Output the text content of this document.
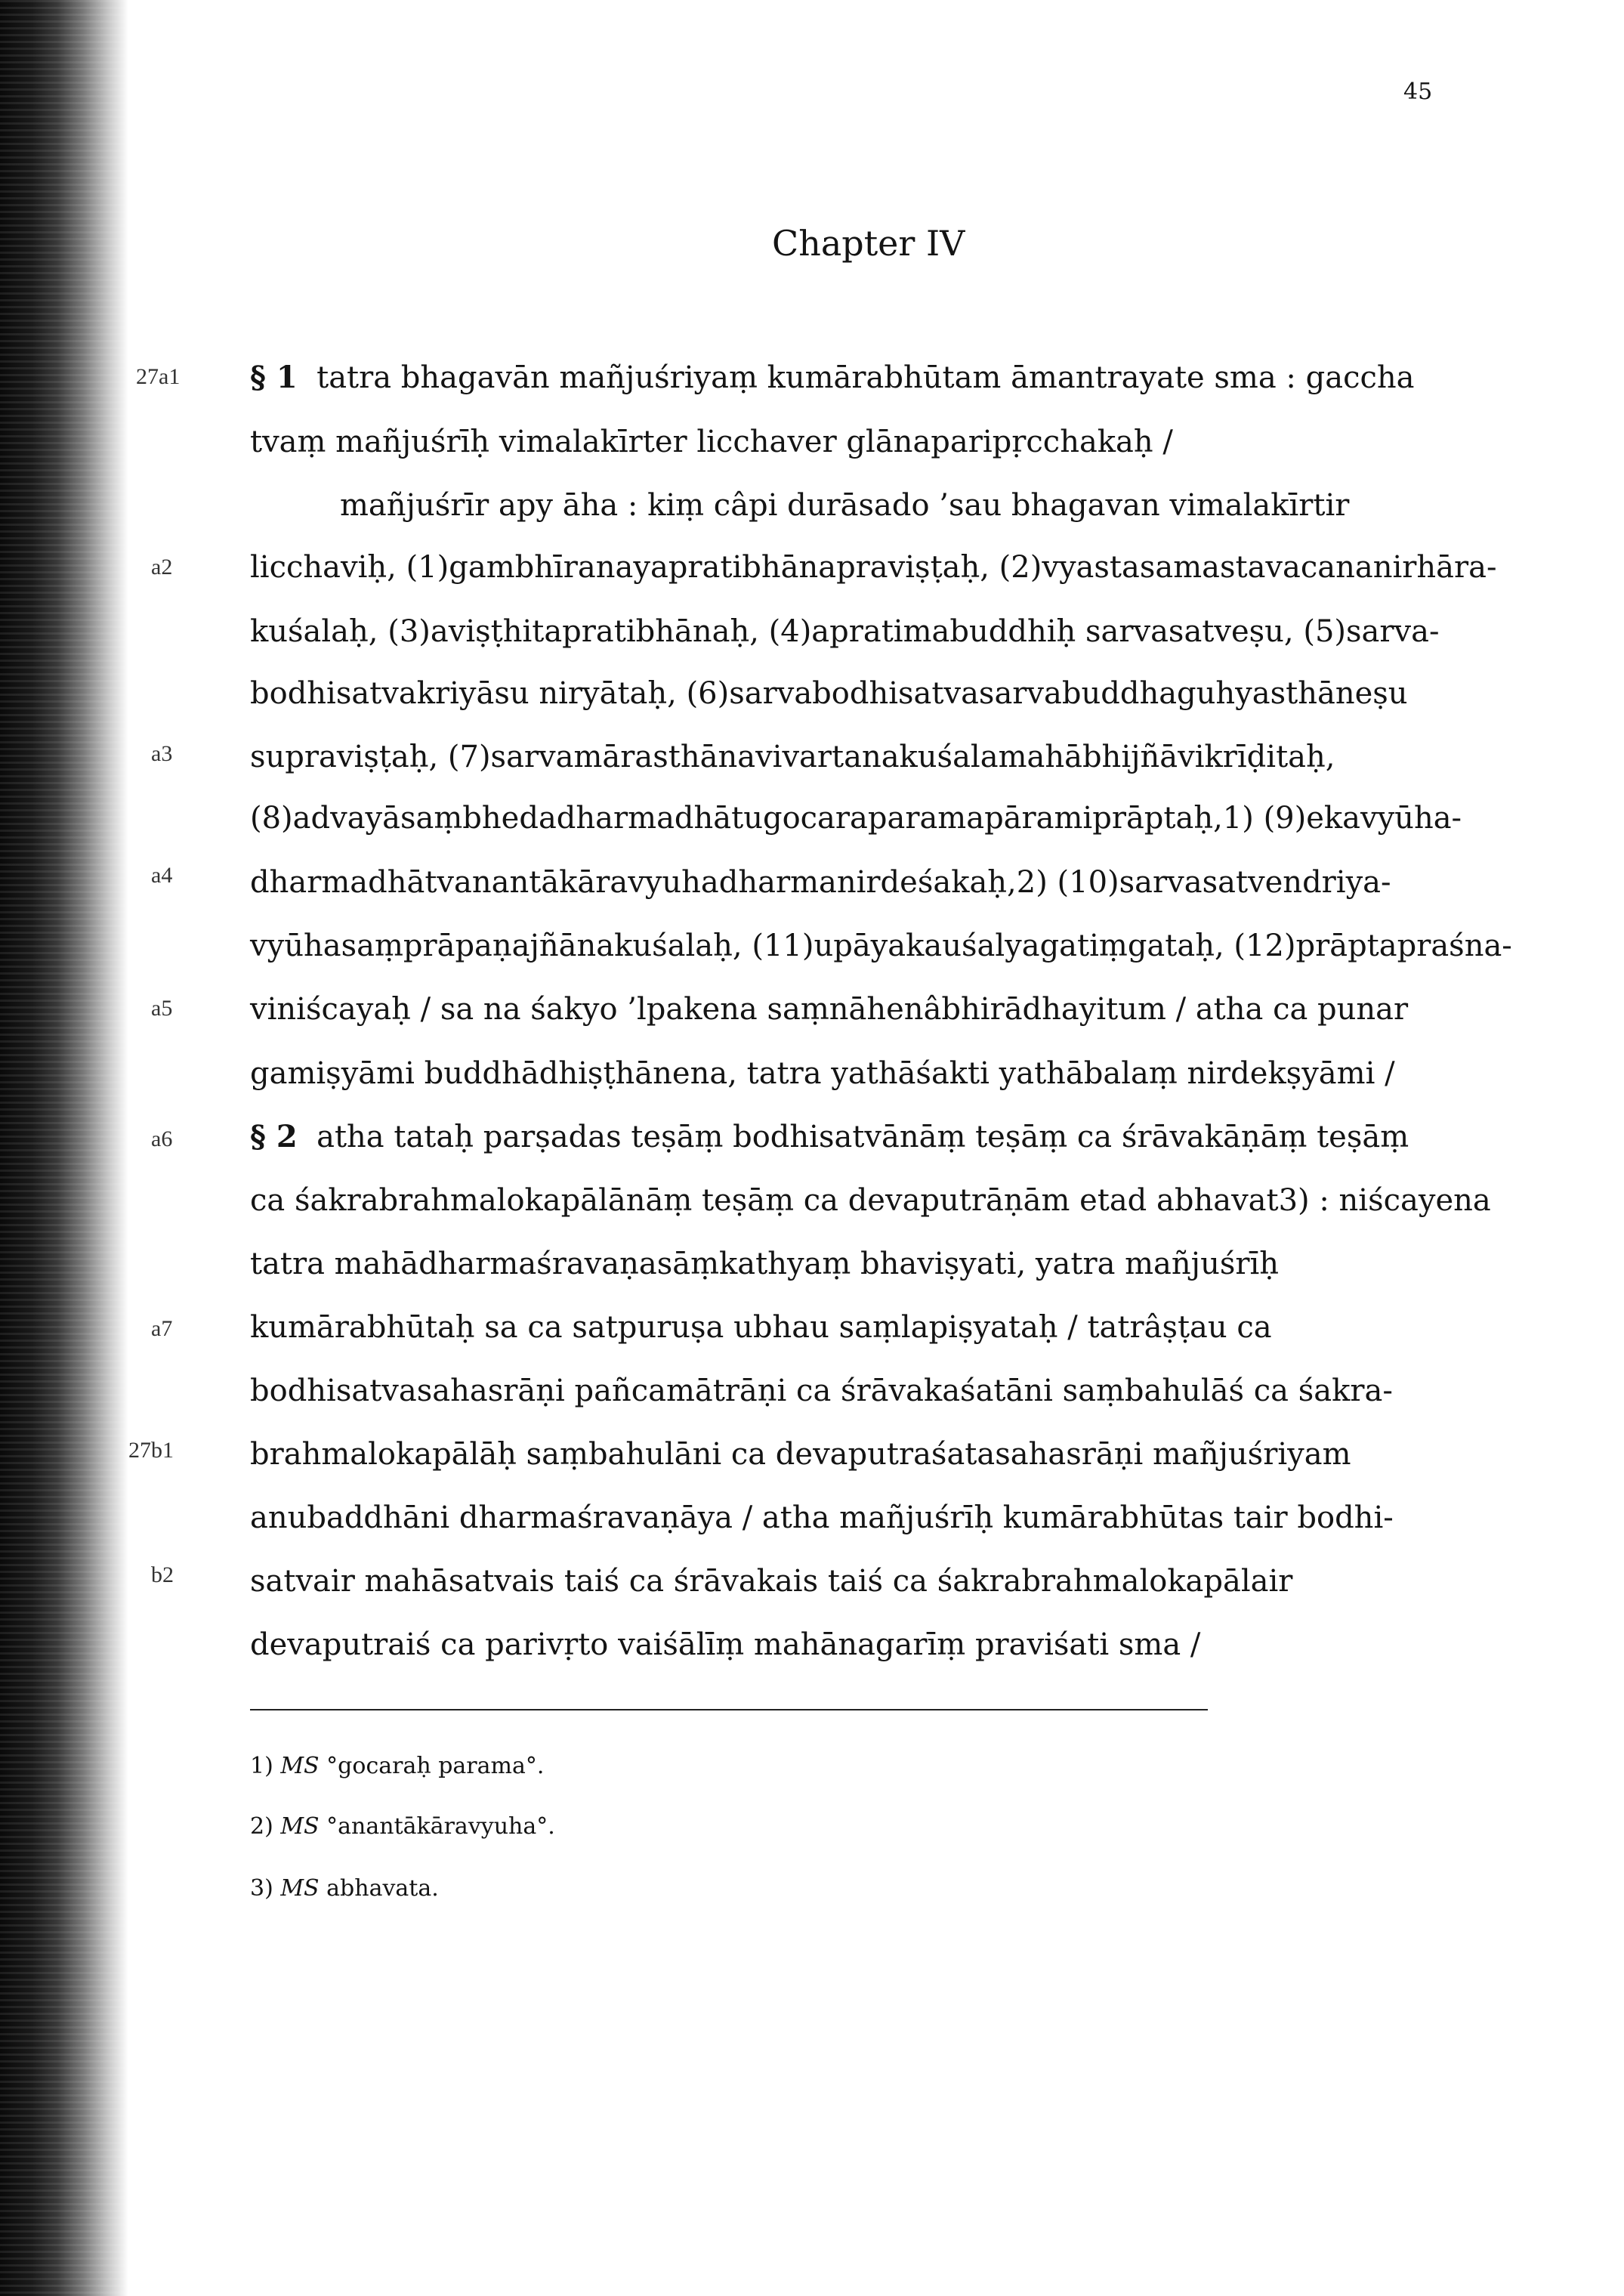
45
Chapter IV
27a1
a2
a3
a4
a5
a6
a7
27b1
b2
§ 1 tatra bhagavān mañjuśriyaṃ kumārabhūtam āmantrayate sma : gaccha
tvaṃ mañjuśrīḥ vimalakīrter licchaver glānaparipṛcchakaḥ /
mañjuśrīr apy āha : kiṃ câpi durāsado ’sau bhagavan vimalakīrtir
licchaviḥ, (1)gambhīranayapratibhānapraviṣṭaḥ, (2)vyastasamastavacananirhāra-
kuśalaḥ, (3)aviṣṭhitapratibhānaḥ, (4)apratimabuddhiḥ sarvasatveṣu, (5)sarva-
bodhisatvakriyāsu niryātaḥ, (6)sarvabodhisatvasarvabuddhaguhyasthāneṣu
supraviṣṭaḥ, (7)sarvamārasthānavivartanakuśalamahābhijñāvikrīḍitaḥ,
(8)advayāsaṃbhedadharmadhātugocaraparamapāramiprāptaḥ,1) (9)ekavyūha-
dharmadhātvanantākāravyuhadharmanirdeśakaḥ,2) (10)sarvasatvendriya-
vyūhasaṃprāpaṇajñānakuśalaḥ, (11)upāyakauśalyagatiṃgataḥ, (12)prāptapraśna-
viniścayaḥ / sa na śakyo ’lpakena saṃnāhenâbhirādhayitum / atha ca punar
gamiṣyāmi buddhādhiṣṭhānena, tatra yathāśakti yathābalaṃ nirdekṣyāmi /
§ 2 atha tataḥ parṣadas teṣāṃ bodhisatvānāṃ teṣāṃ ca śrāvakāṇāṃ teṣāṃ
ca śakrabrahmalokapālānāṃ teṣāṃ ca devaputrāṇām etad abhavat3) : niścayena
tatra mahādharmaśravaṇasāṃkathyaṃ bhaviṣyati, yatra mañjuśrīḥ
kumārabhūtaḥ sa ca satpuruṣa ubhau saṃlapiṣyataḥ / tatrâṣṭau ca
bodhisatvasahasrāṇi pañcamātrāṇi ca śrāvakaśatāni saṃbahulāś ca śakra-
brahmalokapālāḥ saṃbahulāni ca devaputraśatasahasrāṇi mañjuśriyam
anubaddhāni dharmaśravaṇāya / atha mañjuśrīḥ kumārabhūtas tair bodhi-
satvair mahāsatvais taiś ca śrāvakais taiś ca śakrabrahmalokapālair
devaputraiś ca parivṛto vaiśālīṃ mahānagarīṃ praviśati sma /
1) MS °gocaraḥ parama°.
2) MS °anantākāravyuha°.
3) MS abhavata.
